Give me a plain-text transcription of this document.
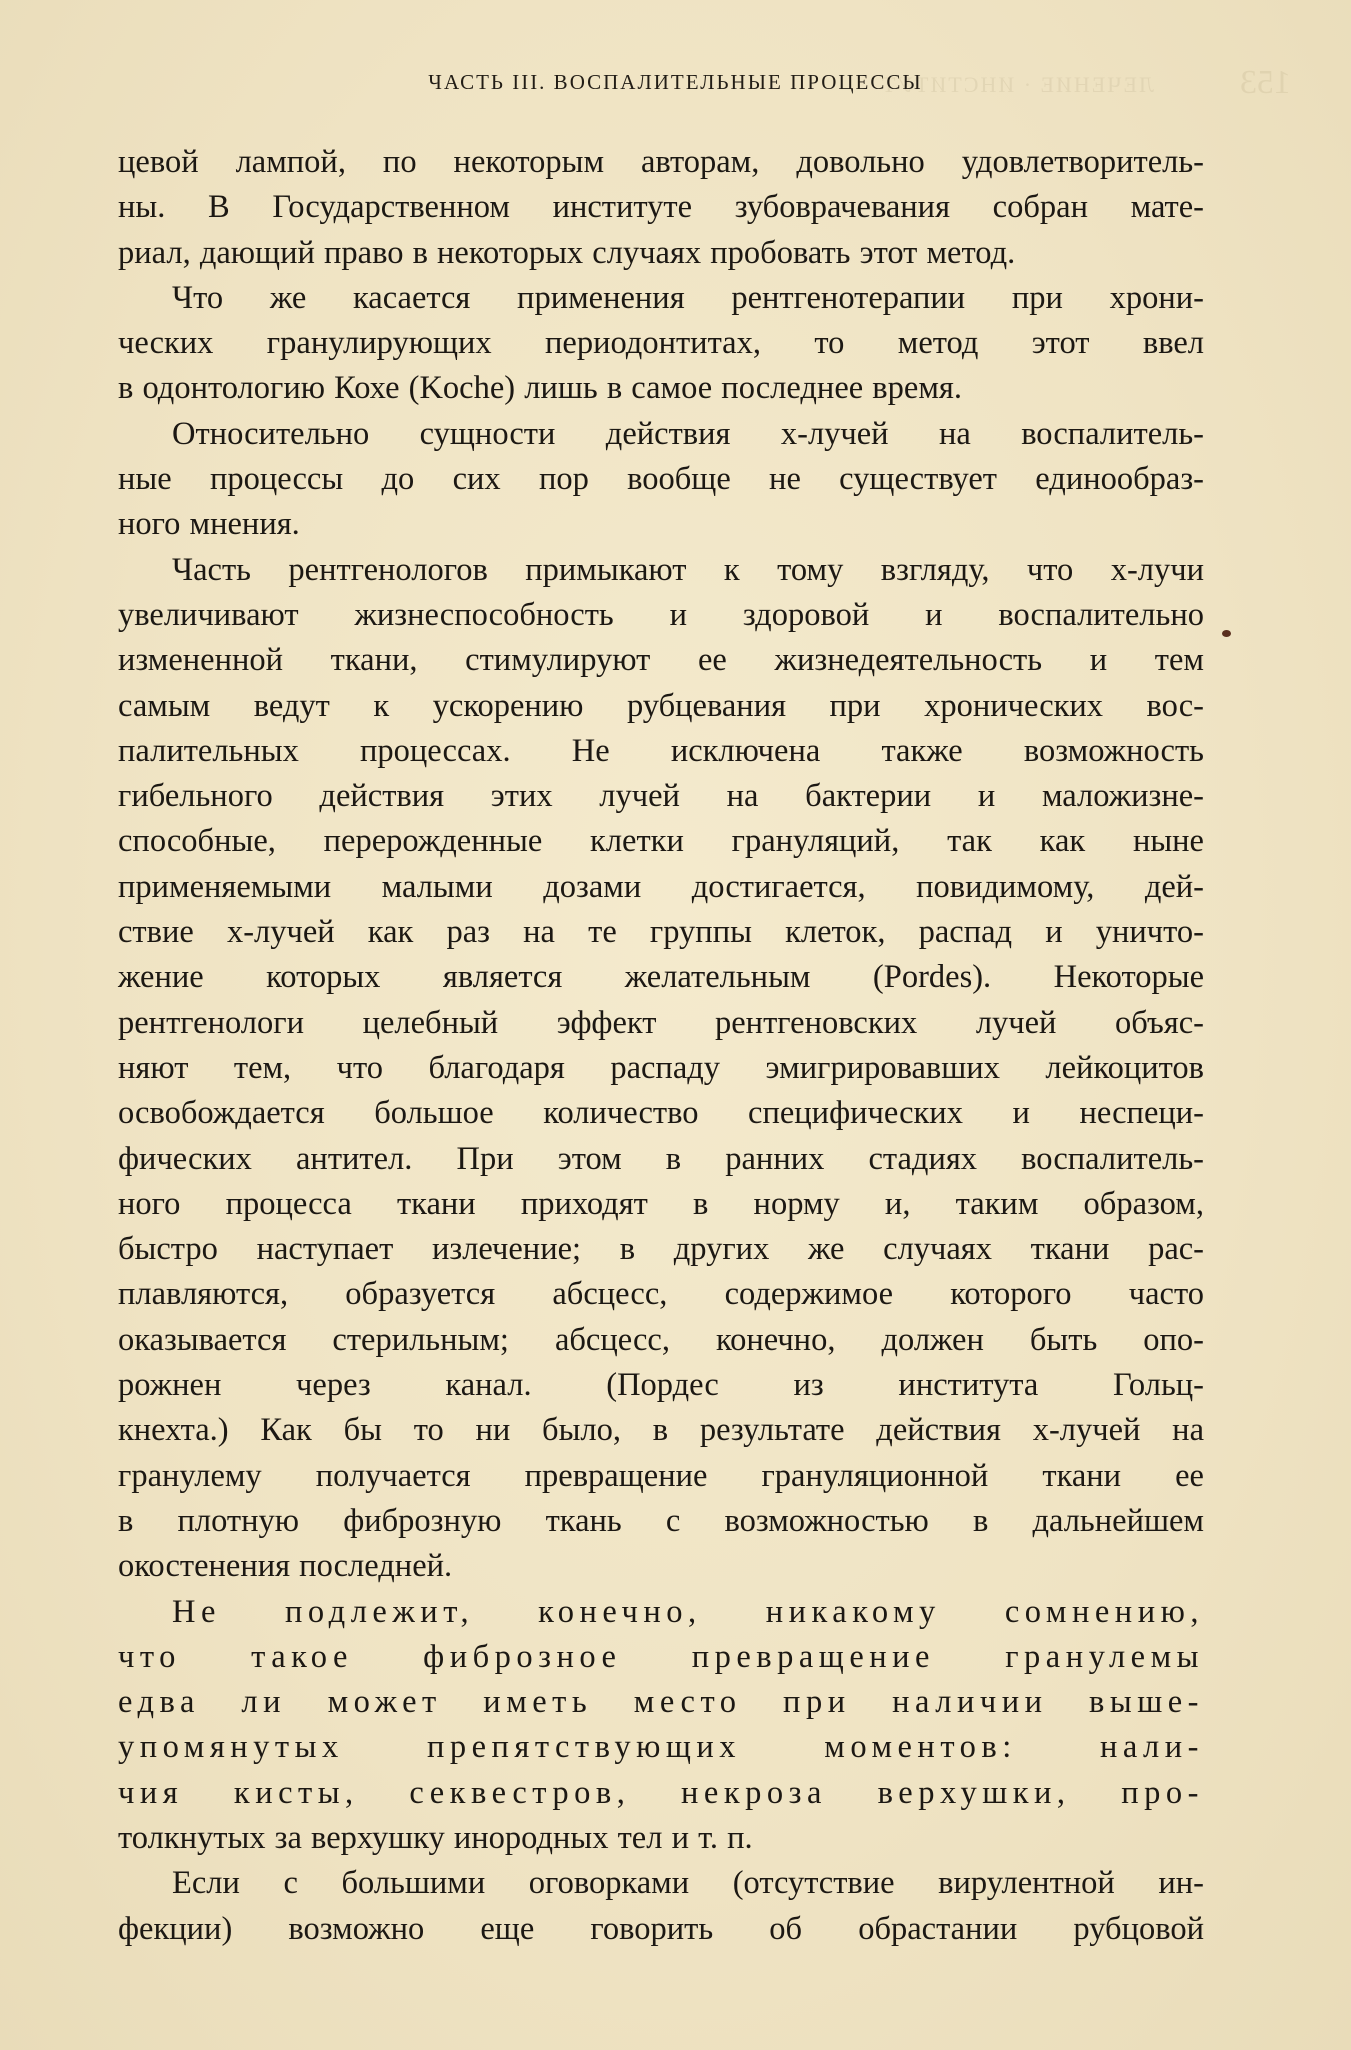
ЛЕЧЕНИЕ · ИНСТИТУТ	153
ЧАСТЬ III. ВОСПАЛИТЕЛЬНЫЕ ПРОЦЕССЫ
цевой лампой, по некоторым авторам, довольно удовлетворитель-
ны. В Государственном институте зубоврачевания собран мате-
риал, дающий право в некоторых случаях пробовать этот метод.
Что же касается применения рентгенотерапии при хрони-
ческих гранулирующих периодонтитах, то метод этот ввел
в одонтологию Кохе (Koche) лишь в самое последнее время.
Относительно сущности действия x-лучей на воспалитель-
ные процессы до сих пор вообще не существует единообраз-
ного мнения.
Часть рентгенологов примыкают к тому взгляду, что x-лучи
увеличивают жизнеспособность и здоровой и воспалительно
измененной ткани, стимулируют ее жизнедеятельность и тем
самым ведут к ускорению рубцевания при хронических вос-
палительных процессах. Не исключена также возможность
гибельного действия этих лучей на бактерии и маложизне-
способные, перерожденные клетки грануляций, так как ныне
применяемыми малыми дозами достигается, повидимому, дей-
ствие x-лучей как раз на те группы клеток, распад и уничто-
жение которых является желательным (Pordes). Некоторые
рентгенологи целебный эффект рентгеновских лучей объяс-
няют тем, что благодаря распаду эмигрировавших лейкоцитов
освобождается большое количество специфических и неспеци-
фических антител. При этом в ранних стадиях воспалитель-
ного процесса ткани приходят в норму и, таким образом,
быстро наступает излечение; в других же случаях ткани рас-
плавляются, образуется абсцесс, содержимое которого часто
оказывается стерильным; абсцесс, конечно, должен быть опо-
рожнен через канал. (Пордес из института Гольц-
кнехта.) Как бы то ни было, в результате действия x-лучей на
гранулему получается превращение грануляционной ткани ее
в плотную фиброзную ткань с возможностью в дальнейшем
окостенения последней.
Не подлежит, конечно, никакому сомнению,
что такое фиброзное превращение гранулемы
едва ли может иметь место при наличии выше-
упомянутых препятствующих моментов: нали-
чия кисты, секвестров, некроза верхушки, про-
толкнутых за верхушку инородных тел и т. п.
Если с большими оговорками (отсутствие вирулентной ин-
фекции) возможно еще говорить об обрастании рубцовой
